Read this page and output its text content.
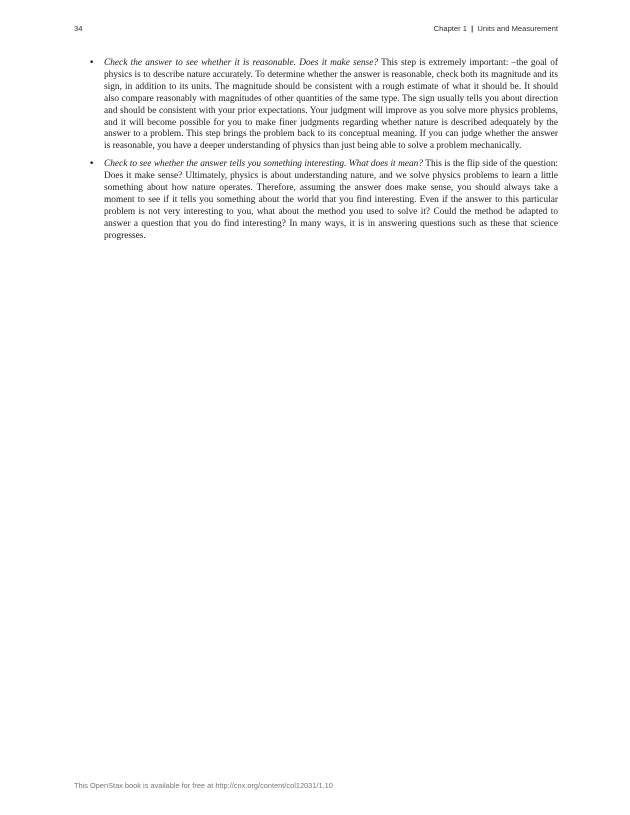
34	Chapter 1 | Units and Measurement
• Check the answer to see whether it is reasonable. Does it make sense? This step is extremely important: –the goal of physics is to describe nature accurately. To determine whether the answer is reasonable, check both its magnitude and its sign, in addition to its units. The magnitude should be consistent with a rough estimate of what it should be. It should also compare reasonably with magnitudes of other quantities of the same type. The sign usually tells you about direction and should be consistent with your prior expectations. Your judgment will improve as you solve more physics problems, and it will become possible for you to make finer judgments regarding whether nature is described adequately by the answer to a problem. This step brings the problem back to its conceptual meaning. If you can judge whether the answer is reasonable, you have a deeper understanding of physics than just being able to solve a problem mechanically.
• Check to see whether the answer tells you something interesting. What does it mean? This is the flip side of the question: Does it make sense? Ultimately, physics is about understanding nature, and we solve physics problems to learn a little something about how nature operates. Therefore, assuming the answer does make sense, you should always take a moment to see if it tells you something about the world that you find interesting. Even if the answer to this particular problem is not very interesting to you, what about the method you used to solve it? Could the method be adapted to answer a question that you do find interesting? In many ways, it is in answering questions such as these that science progresses.
This OpenStax book is available for free at http://cnx.org/content/col12031/1.10
